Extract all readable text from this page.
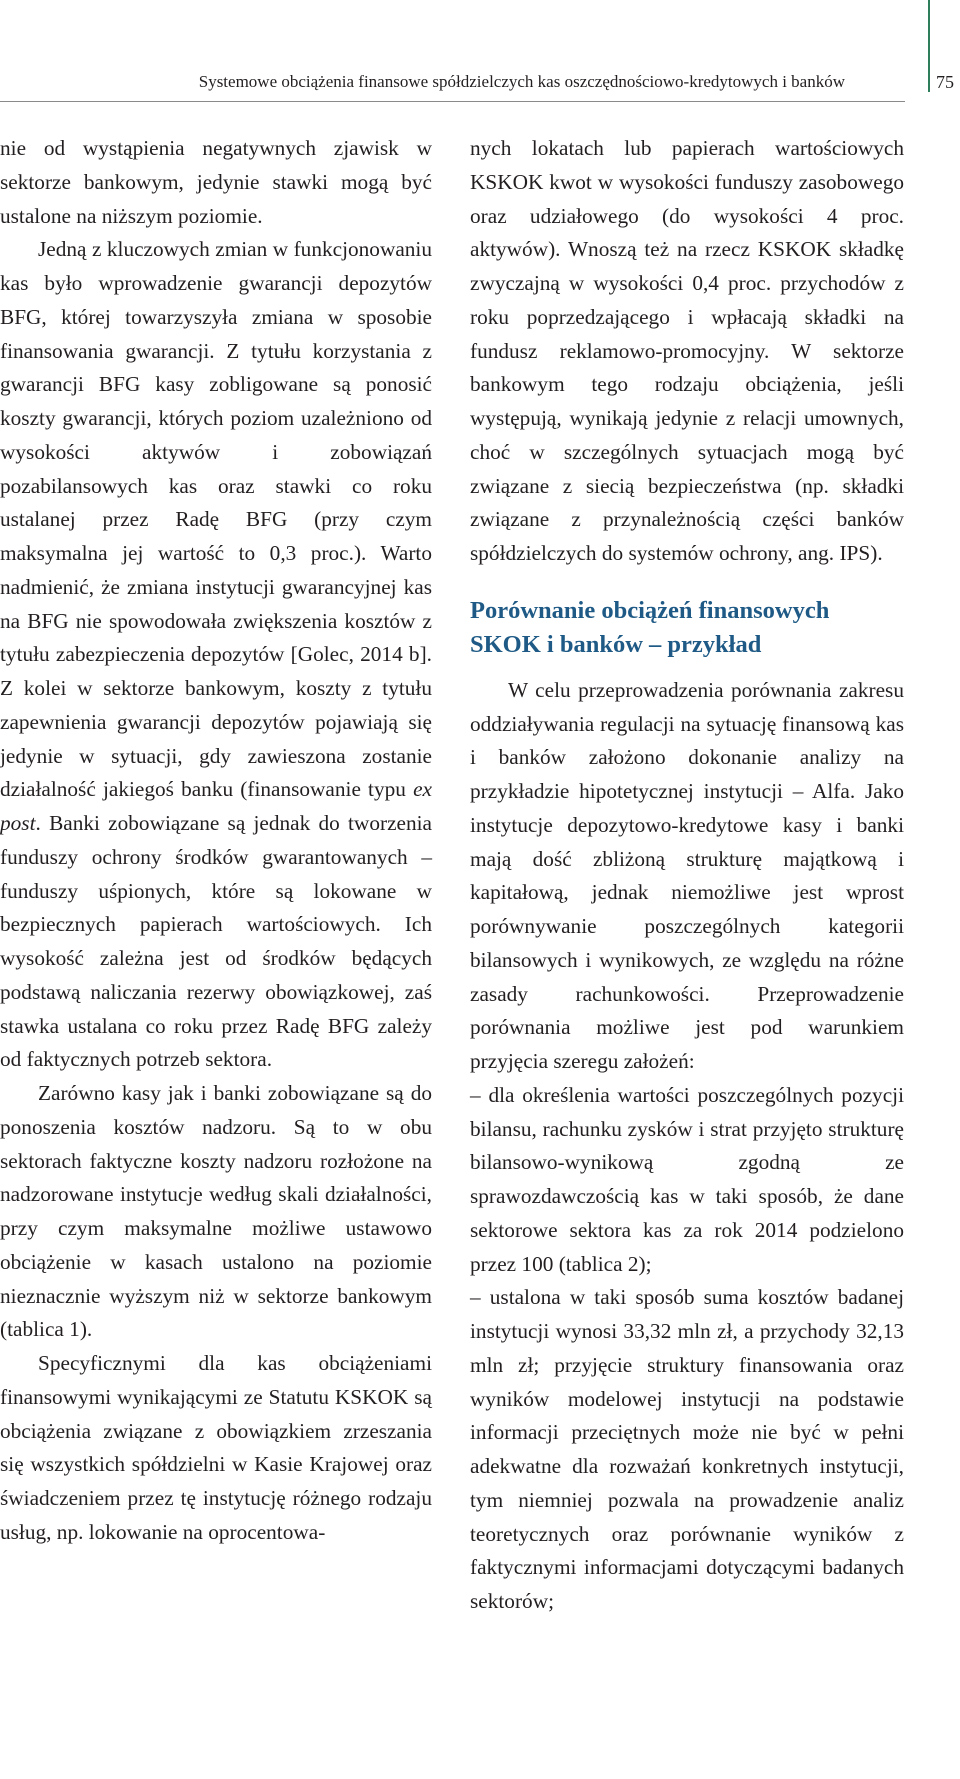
Systemowe obciążenia finansowe spółdzielczych kas oszczędnościowo-kredytowych i banków	75

nie od wystąpienia negatywnych zjawisk w sektorze bankowym, jedynie stawki mogą być ustalone na niższym poziomie.

Jedną z kluczowych zmian w funkcjonowaniu kas było wprowadzenie gwarancji depozytów BFG, której towarzyszyła zmiana w sposobie finansowania gwarancji. Z tytułu korzystania z gwarancji BFG kasy zobligowane są ponosić koszty gwarancji, których poziom uzależniono od wysokości aktywów i zobowiązań pozabilansowych kas oraz stawki co roku ustalanej przez Radę BFG (przy czym maksymalna jej wartość to 0,3 proc.). Warto nadmienić, że zmiana instytucji gwarancyjnej kas na BFG nie spowodowała zwiększenia kosztów z tytułu zabezpieczenia depozytów [Golec, 2014 b]. Z kolei w sektorze bankowym, koszty z tytułu zapewnienia gwarancji depozytów pojawiają się jedynie w sytuacji, gdy zawieszona zostanie działalność jakiegoś banku (finansowanie typu ex post. Banki zobowiązane są jednak do tworzenia funduszy ochrony środków gwarantowanych – funduszy uśpionych, które są lokowane w bezpiecznych papierach wartościowych. Ich wysokość zależna jest od środków będących podstawą naliczania rezerwy obowiązkowej, zaś stawka ustalana co roku przez Radę BFG zależy od faktycznych potrzeb sektora.

Zarówno kasy jak i banki zobowiązane są do ponoszenia kosztów nadzoru. Są to w obu sektorach faktyczne koszty nadzoru rozłożone na nadzorowane instytucje według skali działalności, przy czym maksymalne możliwe ustawowo obciążenie w kasach ustalono na poziomie nieznacznie wyższym niż w sektorze bankowym (tablica 1).

Specyficznymi dla kas obciążeniami finansowymi wynikającymi ze Statutu KSKOK są obciążenia związane z obowiązkiem zrzeszania się wszystkich spółdzielni w Kasie Krajowej oraz świadczeniem przez tę instytucję różnego rodzaju usług, np. lokowanie na oprocentowa-

nych lokatach lub papierach wartościowych KSKOK kwot w wysokości funduszy zasobowego oraz udziałowego (do wysokości 4 proc. aktywów). Wnoszą też na rzecz KSKOK składkę zwyczajną w wysokości 0,4 proc. przychodów z roku poprzedzającego i wpłacają składki na fundusz reklamowo-promocyjny. W sektorze bankowym tego rodzaju obciążenia, jeśli występują, wynikają jedynie z relacji umownych, choć w szczególnych sytuacjach mogą być związane z siecią bezpieczeństwa (np. składki związane z przynależnością części banków spółdzielczych do systemów ochrony, ang. IPS).

Porównanie obciążeń finansowych SKOK i banków – przykład

W celu przeprowadzenia porównania zakresu oddziaływania regulacji na sytuację finansową kas i banków założono dokonanie analizy na przykładzie hipotetycznej instytucji – Alfa. Jako instytucje depozytowo-kredytowe kasy i banki mają dość zbliżoną strukturę majątkową i kapitałową, jednak niemożliwe jest wprost porównywanie poszczególnych kategorii bilansowych i wynikowych, ze względu na różne zasady rachunkowości. Przeprowadzenie porównania możliwe jest pod warunkiem przyjęcia szeregu założeń:

– dla określenia wartości poszczególnych pozycji bilansu, rachunku zysków i strat przyjęto strukturę bilansowo-wynikową zgodną ze sprawozdawczością kas w taki sposób, że dane sektorowe sektora kas za rok 2014 podzielono przez 100 (tablica 2);

– ustalona w taki sposób suma kosztów badanej instytucji wynosi 33,32 mln zł, a przychody 32,13 mln zł; przyjęcie struktury finansowania oraz wyników modelowej instytucji na podstawie informacji przeciętnych może nie być w pełni adekwatne dla rozważań konkretnych instytucji, tym niemniej pozwala na prowadzenie analiz teoretycznych oraz porównanie wyników z faktycznymi informacjami dotyczącymi badanych sektorów;
